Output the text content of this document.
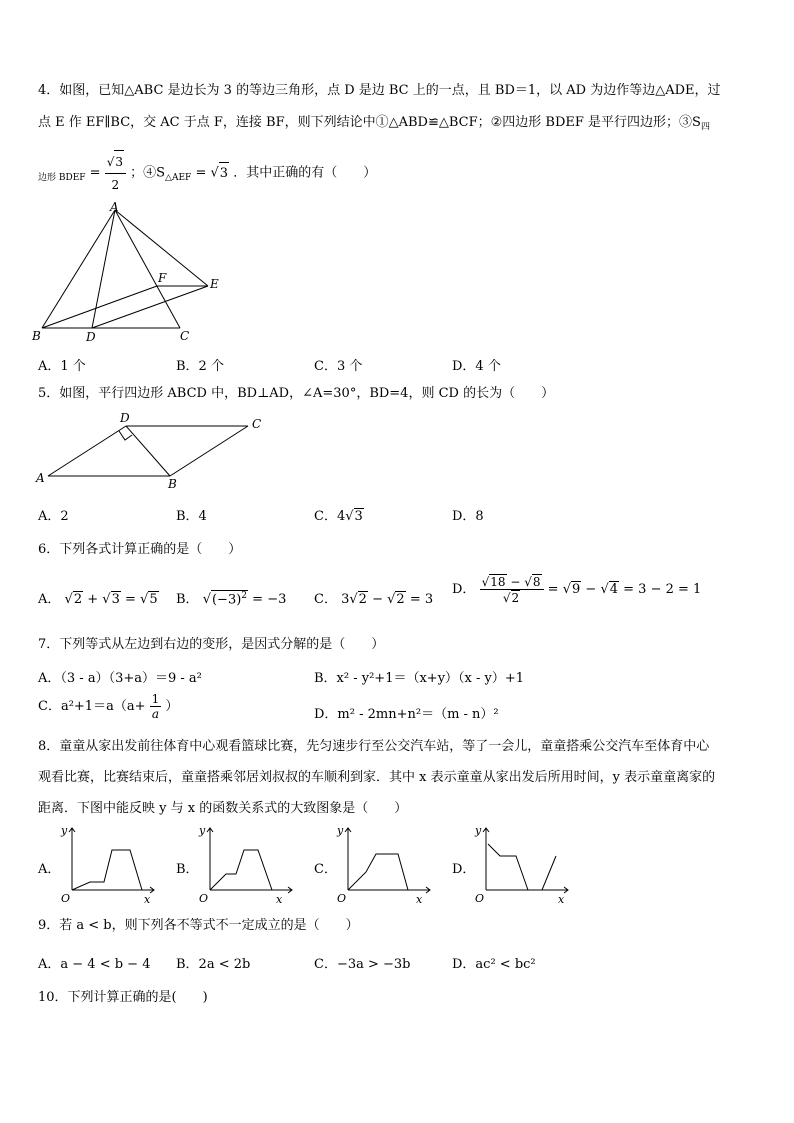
4．如图，已知△ABC 是边长为 3 的等边三角形，点 D 是边 BC 上的一点，且 BD＝1，以 AD 为边作等边△ADE，过
点 E 作 EF∥BC，交 AC 于点 F，连接 BF，则下列结论中①△ABD≌△BCF；②四边形 BDEF 是平行四边形；$③S_四$
$_{边形 BDEF} = \frac{√3}{2}$ ；$④S_{\triangle AEF} = √3$ ．其中正确的有（　　）
A
B	C
D
E
F
A．1 个	B．2 个	C．3 个	D．4 个
5．如图，平行四边形 ABCD 中，BD⊥AD，∠A=30°，BD=4，则 CD 的长为（　　）
A	B
C
D
A．2	B．4	C．4√3	D．8
6．下列各式计算正确的是（　　）
A． √2 + √3 = √5 B． $√(-3)^2 = -3$ C． 3√2 − √2 = 3
D． $\frac{√18 - √8}{√2} = √9 - √4 = 3 - 2 = 1$
7．下列等式从左边到右边的变形，是因式分解的是（　　）
A．（3 - a）（3+a）＝9 - a²	B．x² - y²+1＝（x+y）（x - y）+1
C．$a^2+1=a(a+ \frac{1}{a}$ ）
D．m² - 2mn+n²＝（m - n）²
8．童童从家出发前往体育中心观看篮球比赛，先匀速步行至公交汽车站，等了一会儿，童童搭乘公交汽车至体育中心
观看比赛，比赛结束后，童童搭乘邻居刘叔叔的车顺利到家．其中 x 表示童童从家出发后所用时间，y 表示童童离家的
距离．下图中能反映 y 与 x 的函数关系式的大致图象是（　　）
A．
y
x
O
B．
y
x
O
C．
y
x
O
D．
y
x
O
9．若 a < b，则下列各不等式不一定成立的是（　　）
A．a − 4 < b − 4 B．2a < 2b	C．−3a > −3b	D．ac² < bc²
10．下列计算正确的是(　　)
